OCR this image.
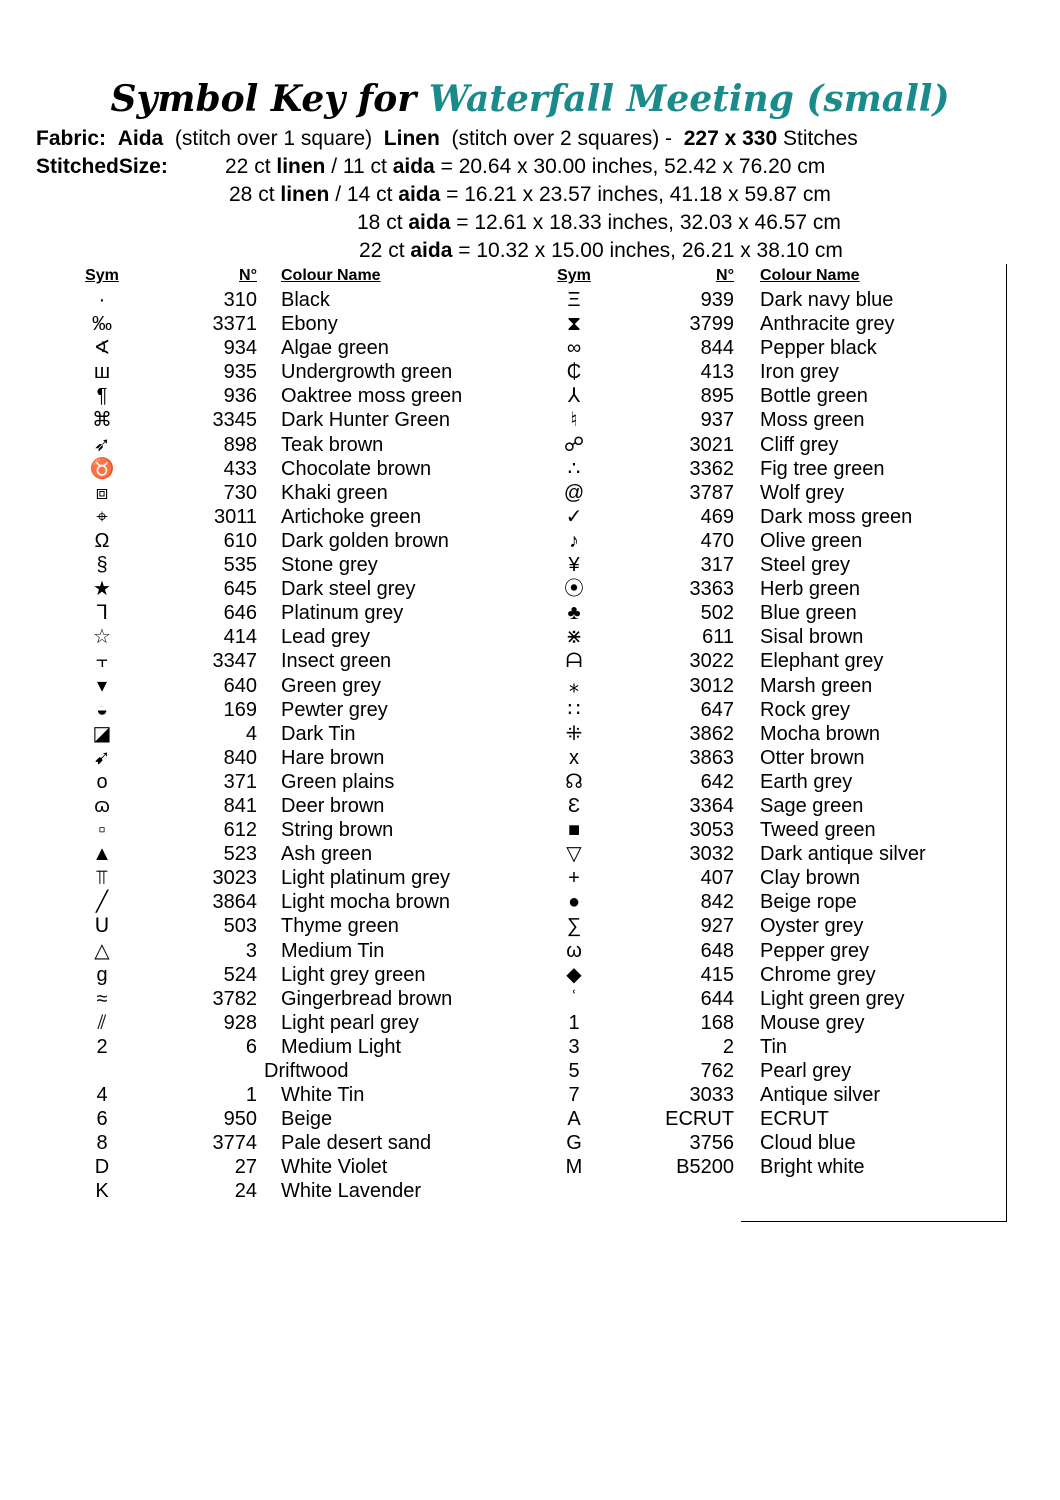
Symbol Key for Waterfall Meeting (small)
Fabric: Aida (stitch over 1 square) Linen (stitch over 2 squares) - 227 x 330 Stitches
StitchedSize:	22 ct linen / 11 ct aida = 20.64 x 30.00 inches, 52.42 x 76.20 cm
28 ct linen / 14 ct aida = 16.21 x 23.57 inches, 41.18 x 59.87 cm
18 ct aida = 12.61 x 18.33 inches, 32.03 x 46.57 cm
22 ct aida = 10.32 x 15.00 inches, 26.21 x 38.10 cm
Sym	N° Colour Name
·	310 Black
‰	3371 Ebony
∢	934 Algae green
ш	935 Undergrowth green
¶	936 Oaktree moss green
⌘	3345 Dark Hunter Green
➶	898 Teak brown
♉	433 Chocolate brown
⧈	730 Khaki green
⌖	3011 Artichoke green
Ω	610 Dark golden brown
§	535 Stone grey
★	645 Dark steel grey
ᒣ	646 Platinum grey
☆	414 Lead grey
⫟	3347 Insect green
▾	640 Green grey
◒	169 Pewter grey
◪	4 Dark Tin
➹	840 Hare brown
o	371 Green plains
ɷ	841 Deer brown
▫	612 String brown
▲	523 Ash green
⫪	3023 Light platinum grey
╱	3864 Light mocha brown
ᑌ	503 Thyme green
△	3 Medium Tin
g	524 Light grey green
≈	3782 Gingerbread brown
⫽	928 Light pearl grey
2	6 Medium Light
Driftwood
4	1 White Tin
6	950 Beige
8	3774 Pale desert sand
D	27 White Violet
K	24 White Lavender
Sym	N° Colour Name
Ξ	939 Dark navy blue
⧗	3799 Anthracite grey
∞	844 Pepper black
₵	413 Iron grey
⅄	895 Bottle green
♮	937 Moss green
☍	3021 Cliff grey
∴	3362 Fig tree green
@	3787 Wolf grey
✓	469 Dark moss green
♪	470 Olive green
¥	317 Steel grey
⦿	3363 Herb green
♣	502 Blue green
⋇	611 Sisal brown
ᗩ	3022 Elephant grey
⁎	3012 Marsh green
∷	647 Rock grey
⁜	3862 Mocha brown
x	3863 Otter brown
☊	642 Earth grey
Ɛ	3364 Sage green
■	3053 Tweed green
▽	3032 Dark antique silver
+	407 Clay brown
●	842 Beige rope
∑	927 Oyster grey
ω	648 Pepper grey
◆	415 Chrome grey
ʿ	644 Light green grey
1	168 Mouse grey
3	2 Tin
5	762 Pearl grey
7	3033 Antique silver
A	ECRUT ECRUT
G	3756 Cloud blue
M	B5200 Bright white
